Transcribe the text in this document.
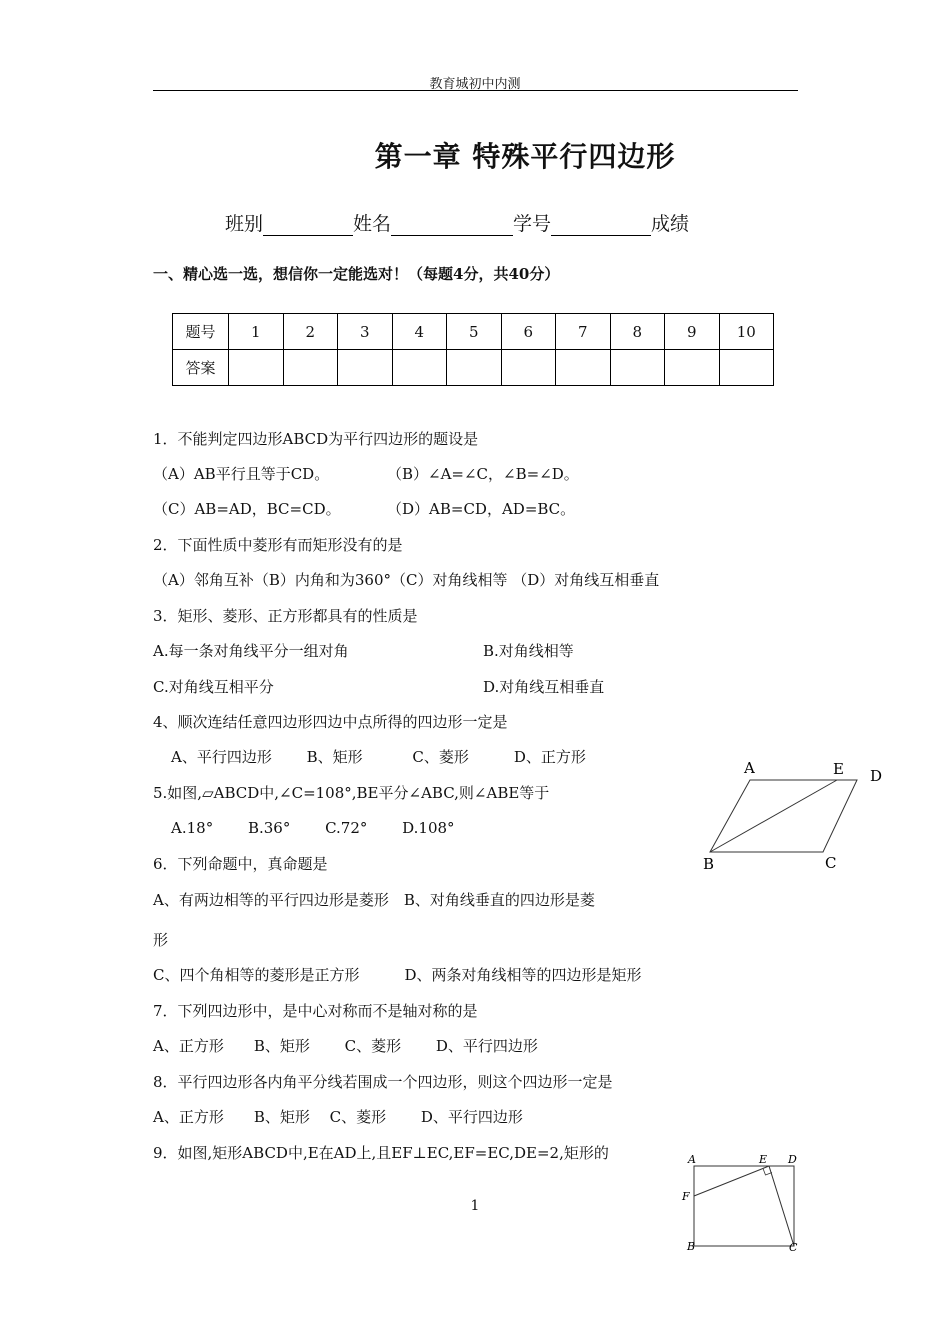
教育城初中内测
第一章 特殊平行四边形
班别	姓名	学号	成绩
一、精心选一选，想信你一定能选对！（每题4分，共40分）
题号	1	2	3	4	5	6	7	8	9	10
答案										
1．不能判定四边形ABCD为平行四边形的题设是
（A）AB平行且等于CD。	（B）∠A=∠C，∠B=∠D。
（C）AB=AD，BC=CD。	（D）AB=CD，AD=BC。
2．下面性质中菱形有而矩形没有的是
（A）邻角互补（B）内角和为360°（C）对角线相等 （D）对角线互相垂直
3．矩形、菱形、正方形都具有的性质是
A.每一条对角线平分一组对角	B.对角线相等
C.对角线互相平分	D.对角线互相垂直
4、顺次连结任意四边形四边中点所得的四边形一定是
A、平行四边形 　　B、矩形　　　 C、菱形　　　D、正方形
5.如图,▱ABCD中,∠C=108°,BE平分∠ABC,则∠ABE等于
A.18°　　 B.36°　　 C.72°　　 D.108°
A	E D
B	C
6．下列命题中，真命题是
A、有两边相等的平行四边形是菱形　B、对角线垂直的四边形是菱
形
C、四个角相等的菱形是正方形　　　D、两条对角线相等的四边形是矩形
7．下列四边形中，是中心对称而不是轴对称的是
A、正方形　　B、矩形　　 C、菱形　　 D、平行四边形
8．平行四边形各内角平分线若围成一个四边形，则这个四边形一定是
A、正方形　　B、矩形　 C、菱形　　 D、平行四边形
9．如图,矩形ABCD中,E在AD上,且EF⊥EC,EF=EC,DE=2,矩形的	A	E D
F
B	C
1
